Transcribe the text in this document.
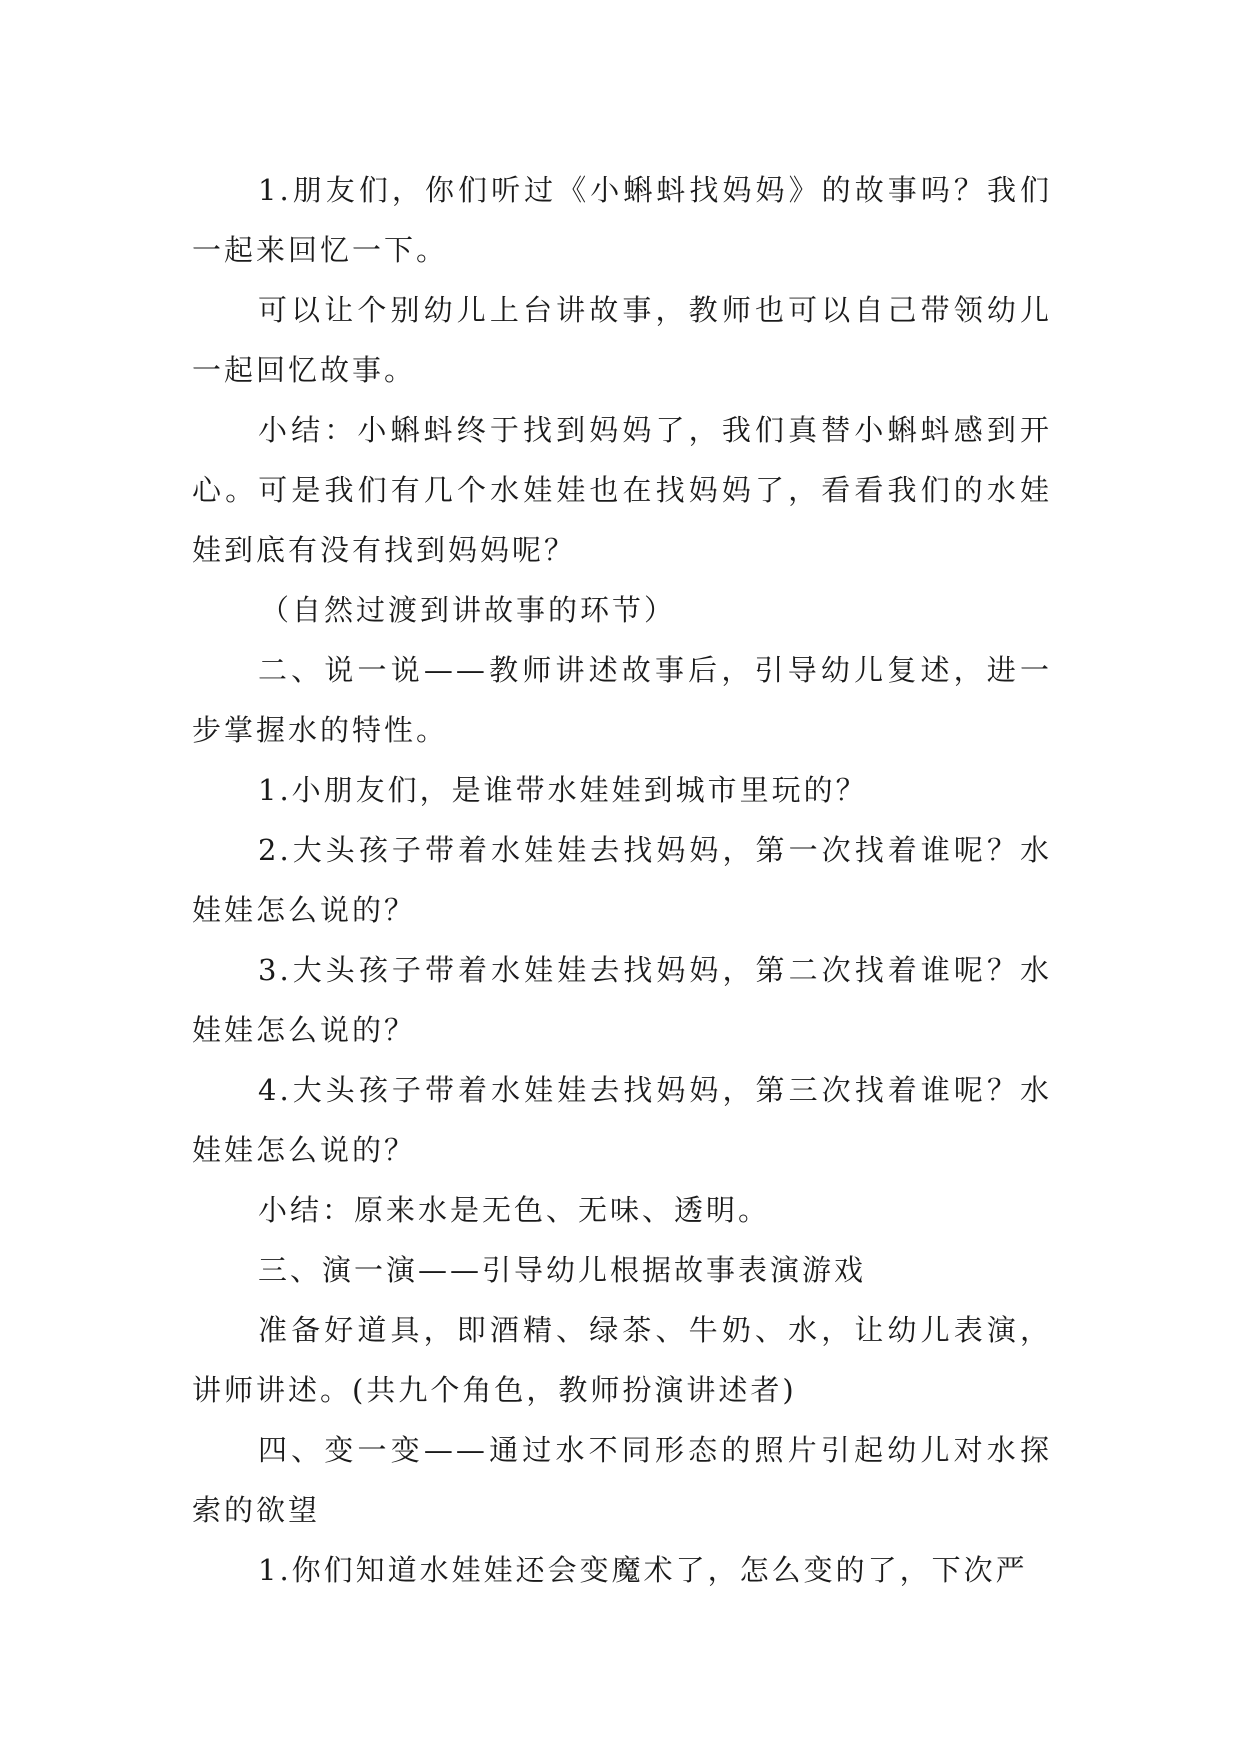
1.朋友们，你们听过《小蝌蚪找妈妈》的故事吗？我们一起来回忆一下。

可以让个别幼儿上台讲故事，教师也可以自己带领幼儿一起回忆故事。

小结：小蝌蚪终于找到妈妈了，我们真替小蝌蚪感到开心。可是我们有几个水娃娃也在找妈妈了，看看我们的水娃娃到底有没有找到妈妈呢？

（自然过渡到讲故事的环节）

二、说一说——教师讲述故事后，引导幼儿复述，进一步掌握水的特性。

1.小朋友们，是谁带水娃娃到城市里玩的？

2.大头孩子带着水娃娃去找妈妈，第一次找着谁呢？水娃娃怎么说的？

3.大头孩子带着水娃娃去找妈妈，第二次找着谁呢？水娃娃怎么说的？

4.大头孩子带着水娃娃去找妈妈，第三次找着谁呢？水娃娃怎么说的？

小结：原来水是无色、无味、透明。

三、演一演——引导幼儿根据故事表演游戏

准备好道具，即酒精、绿茶、牛奶、水，让幼儿表演，讲师讲述。(共九个角色，教师扮演讲述者)

四、变一变——通过水不同形态的照片引起幼儿对水探索的欲望

1.你们知道水娃娃还会变魔术了，怎么变的了，下次严
